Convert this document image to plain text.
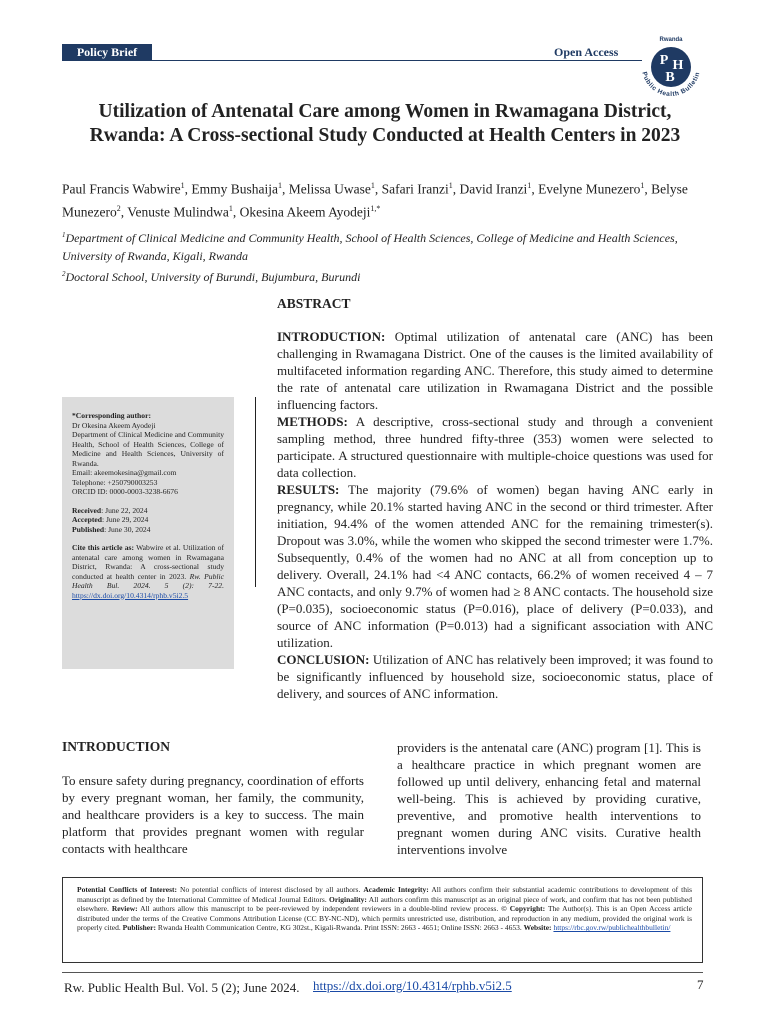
Policy Brief	Open Access
Rwanda
Public Health Bulletin
P H
B
Utilization of Antenatal Care among Women in Rwamagana District, Rwanda: A Cross-sectional Study Conducted at Health Centers in 2023

Paul Francis Wabwire$^1$, Emmy Bushaija$^1$, Melissa Uwase$^1$, Safari Iranzi$^1$, David Iranzi$^1$, Evelyne Munezero$^1$, Belyse Munezero$^2$, Venuste Mulindwa$^1$, Okesina Akeem Ayodeji$^{1,*}$

$^1$Department of Clinical Medicine and Community Health, School of Health Sciences, College of Medicine and Health Sciences, University of Rwanda, Kigali, Rwanda

$^2$Doctoral School, University of Burundi, Bujumbura, Burundi

*Corresponding author:
Dr Okesina Akeem Ayodeji
Department of Clinical Medicine and Community Health, School of Health Sciences, College of Medicine and Health Sciences, University of Rwanda.
Email: akeemokesina@gmail.com
Telephone: +250790003253
ORCID ID: 0000-0003-3238-6676
Received: June 22, 2024
Accepted: June 29, 2024
Published: June 30, 2024
Cite this article as: Wabwire et al. Utilization of antenatal care among women in Rwamagana District, Rwanda: A cross-sectional study conducted at health center in 2023. Rw. Public Health Bul. 2024. 5 (2): 7-22. https://dx.doi.org/10.4314/rphb.v5i2.5
ABSTRACT

INTRODUCTION: Optimal utilization of antenatal care (ANC) has been challenging in Rwamagana District. One of the causes is the limited availability of multifaceted information regarding ANC. Therefore, this study aimed to determine the rate of antenatal care utilization in Rwamagana District and the possible influencing factors.

METHODS: A descriptive, cross-sectional study and through a convenient sampling method, three hundred fifty-three (353) women were selected to participate. A structured questionnaire with multiple-choice questions was used for data collection.

RESULTS: The majority (79.6% of women) began having ANC early in pregnancy, while 20.1% started having ANC in the second or third trimester. After initiation, 94.4% of the women attended ANC for the remaining trimester(s). Dropout was 3.0%, while the women who skipped the second trimester were 1.7%. Subsequently, 0.4% of the women had no ANC at all from conception up to delivery. Overall, 24.1% had <4 ANC contacts, 66.2% of women received 4 – 7 ANC contacts, and only 9.7% of women had ≥ 8 ANC contacts. The household size (P=0.035), socioeconomic status (P=0.016), place of delivery (P=0.033), and source of ANC information (P=0.013) had a significant association with ANC utilization.

CONCLUSION: Utilization of ANC has relatively been improved; it was found to be significantly influenced by household size, socioeconomic status, place of delivery, and sources of ANC information.

INTRODUCTION

To ensure safety during pregnancy, coordination of efforts by every pregnant woman, her family, the community, and healthcare providers is a key to success. The main platform that provides pregnant women with regular contacts with healthcare

providers is the antenatal care (ANC) program [1]. This is a healthcare practice in which pregnant women are followed up until delivery, enhancing fetal and maternal well-being. This is achieved by providing curative, preventive, and promotive health interventions to pregnant women during ANC visits. Curative health interventions involve

Potential Conflicts of Interest: No potential conflicts of interest disclosed by all authors. Academic Integrity: All authors confirm their substantial academic contributions to development of this manuscript as defined by the International Committee of Medical Journal Editors. Originality: All authors confirm this manuscript as an original piece of work, and confirm that has not been published elsewhere. Review: All authors allow this manuscript to be peer-reviewed by independent reviewers in a double-blind review process. © Copyright: The Author(s). This is an Open Access article distributed under the terms of the Creative Commons Attribution License (CC BY-NC-ND), which permits unrestricted use, distribution, and reproduction in any medium, provided the original work is properly cited. Publisher: Rwanda Health Communication Centre, KG 302st., Kigali-Rwanda. Print ISSN: 2663 - 4651; Online ISSN: 2663 - 4653. Website: https://rbc.gov.rw/publichealthbulletin/
Rw. Public Health Bul. Vol. 5 (2); June 2024. https://dx.doi.org/10.4314/rphb.v5i2.5	7
